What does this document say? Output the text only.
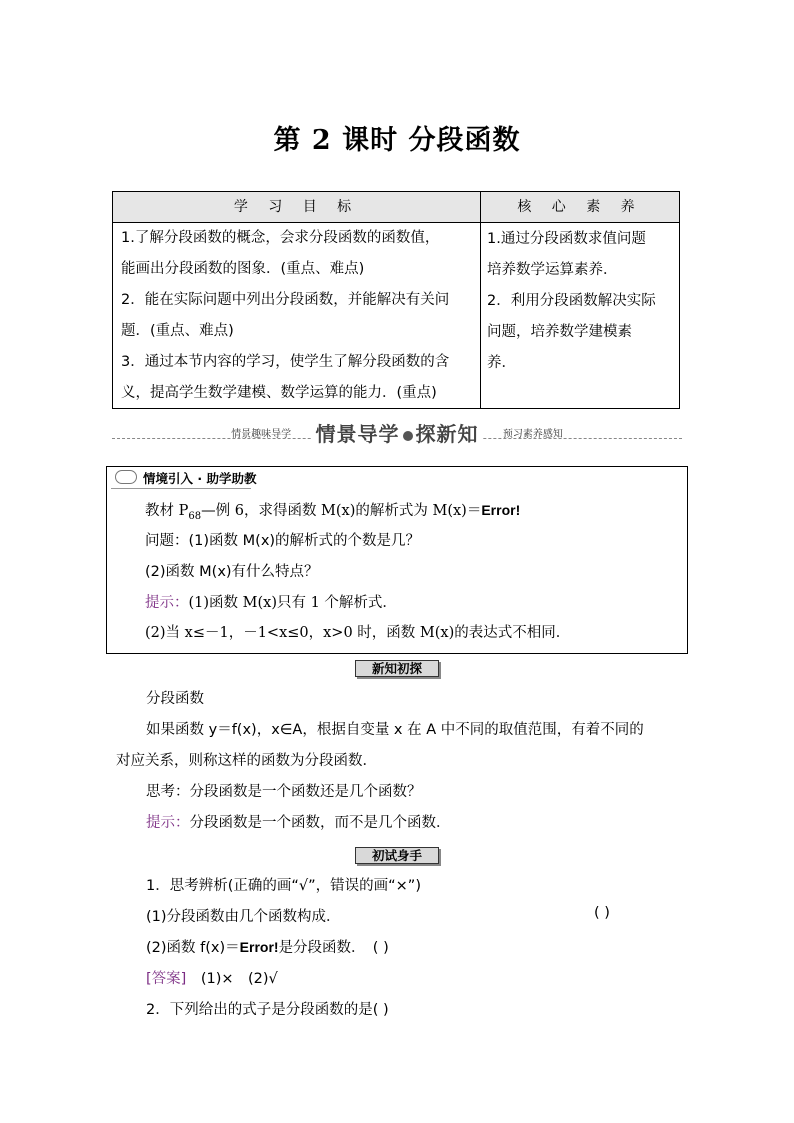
第 2 课时 分段函数
学 习 目 标	核 心 素 养

1.了解分段函数的概念，会求分段函数的函数值，

能画出分段函数的图象．(重点、难点)

2．能在实际问题中列出分段函数，并能解决有关问

题．(重点、难点)

3．通过本节内容的学习，使学生了解分段函数的含

义，提高学生数学建模、数学运算的能力．(重点)

1.通过分段函数求值问题

培养数学运算素养．

2．利用分段函数解决实际

问题，培养数学建模素

养．

情景趣味导学 情景导学 探新知 预习素养感知
情境引入 · 助学助教
教材 $P_{68}—$例 6，求得函数 M(x)的解析式为 M(x)＝Error!
问题：(1)函数 M(x)的解析式的个数是几？
(2)函数 M(x)有什么特点？
提示：(1)函数 M(x)只有 1 个解析式．
(2)当 x≤－1，－1<x≤0，x>0 时，函数 M(x)的表达式不相同．
新知初探
分段函数
如果函数 y＝f(x)，x∈A，根据自变量 x 在 A 中不同的取值范围，有着不同的
对应关系，则称这样的函数为分段函数．
思考：分段函数是一个函数还是几个函数？
提示：分段函数是一个函数，而不是几个函数．
初试身手
1．思考辨析(正确的画“√”，错误的画“×”)
(1)分段函数由几个函数构成．	( )
(2)函数 f(x)＝Error!是分段函数．　( )
[答案]　(1)×　(2)√
2．下列给出的式子是分段函数的是( )
